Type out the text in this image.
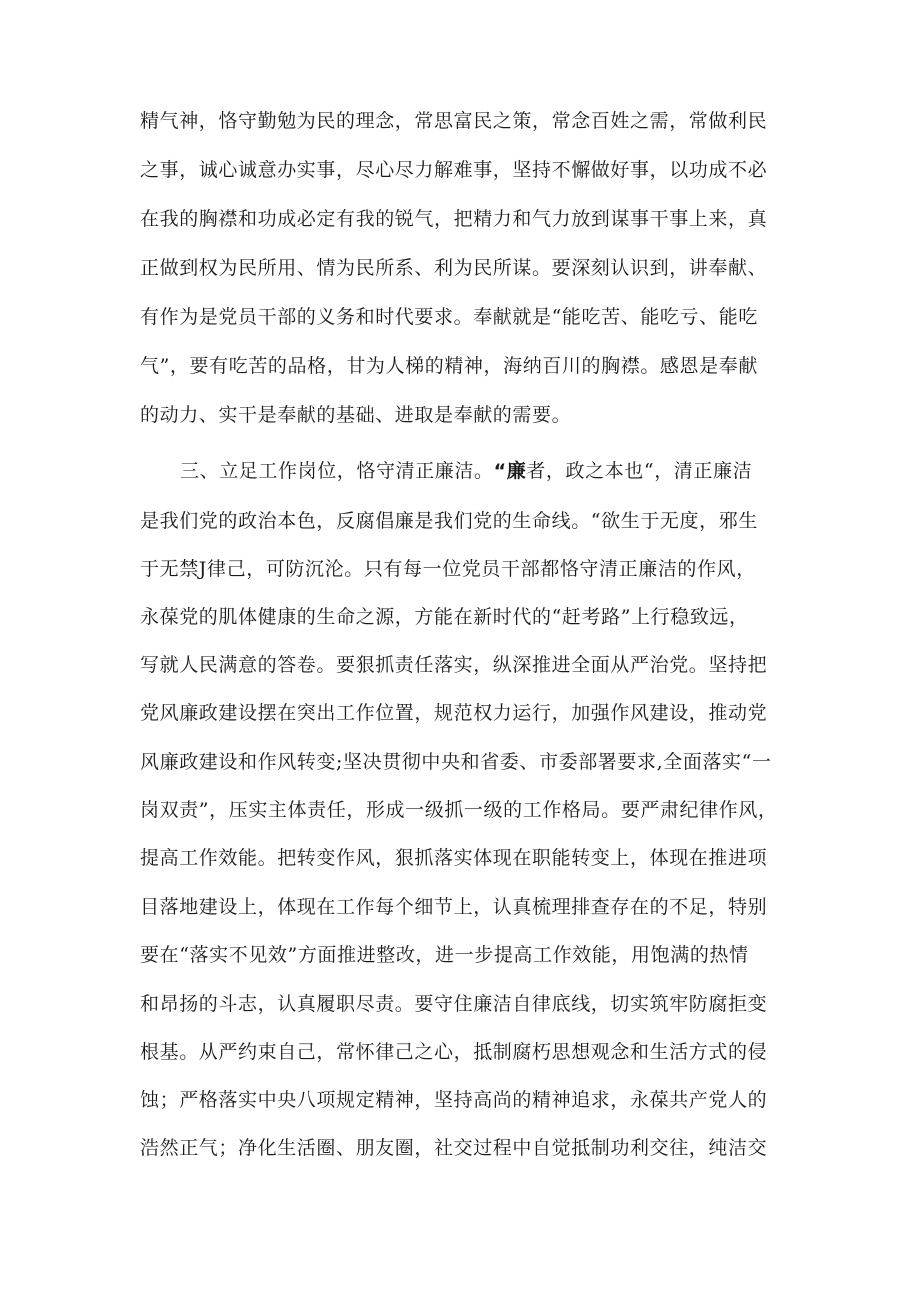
精气神，恪守勤勉为民的理念，常思富民之策，常念百姓之需，常做利民
之事，诚心诚意办实事，尽心尽力解难事，坚持不懈做好事，以功成不必
在我的胸襟和功成必定有我的锐气，把精力和气力放到谋事干事上来，真
正做到权为民所用、情为民所系、利为民所谋。要深刻认识到，讲奉献、
有作为是党员干部的义务和时代要求。奉献就是“能吃苦、能吃亏、能吃
气”，要有吃苦的品格，甘为人梯的精神，海纳百川的胸襟。感恩是奉献
的动力、实干是奉献的基础、进取是奉献的需要。
三、立足工作岗位，恪守清正廉洁。“廉者，政之本也“，清正廉洁
是我们党的政治本色，反腐倡廉是我们党的生命线。“欲生于无度，邪生
于无禁J律己，可防沉沦。只有每一位党员干部都恪守清正廉洁的作风，
永葆党的肌体健康的生命之源，方能在新时代的“赶考路”上行稳致远，
写就人民满意的答卷。要狠抓责任落实，纵深推进全面从严治党。坚持把
党风廉政建设摆在突出工作位置，规范权力运行，加强作风建设，推动党
风廉政建设和作风转变;坚决贯彻中央和省委、市委部署要求,全面落实“一
岗双责”，压实主体责任，形成一级抓一级的工作格局。要严肃纪律作风，
提高工作效能。把转变作风，狠抓落实体现在职能转变上，体现在推进项
目落地建设上，体现在工作每个细节上，认真梳理排查存在的不足，特别
要在“落实不见效”方面推进整改，进一步提高工作效能，用饱满的热情
和昂扬的斗志，认真履职尽责。要守住廉洁自律底线，切实筑牢防腐拒变
根基。从严约束自己，常怀律己之心，抵制腐朽思想观念和生活方式的侵
蚀；严格落实中央八项规定精神，坚持高尚的精神追求，永葆共产党人的
浩然正气；净化生活圈、朋友圈，社交过程中自觉抵制功利交往，纯洁交
